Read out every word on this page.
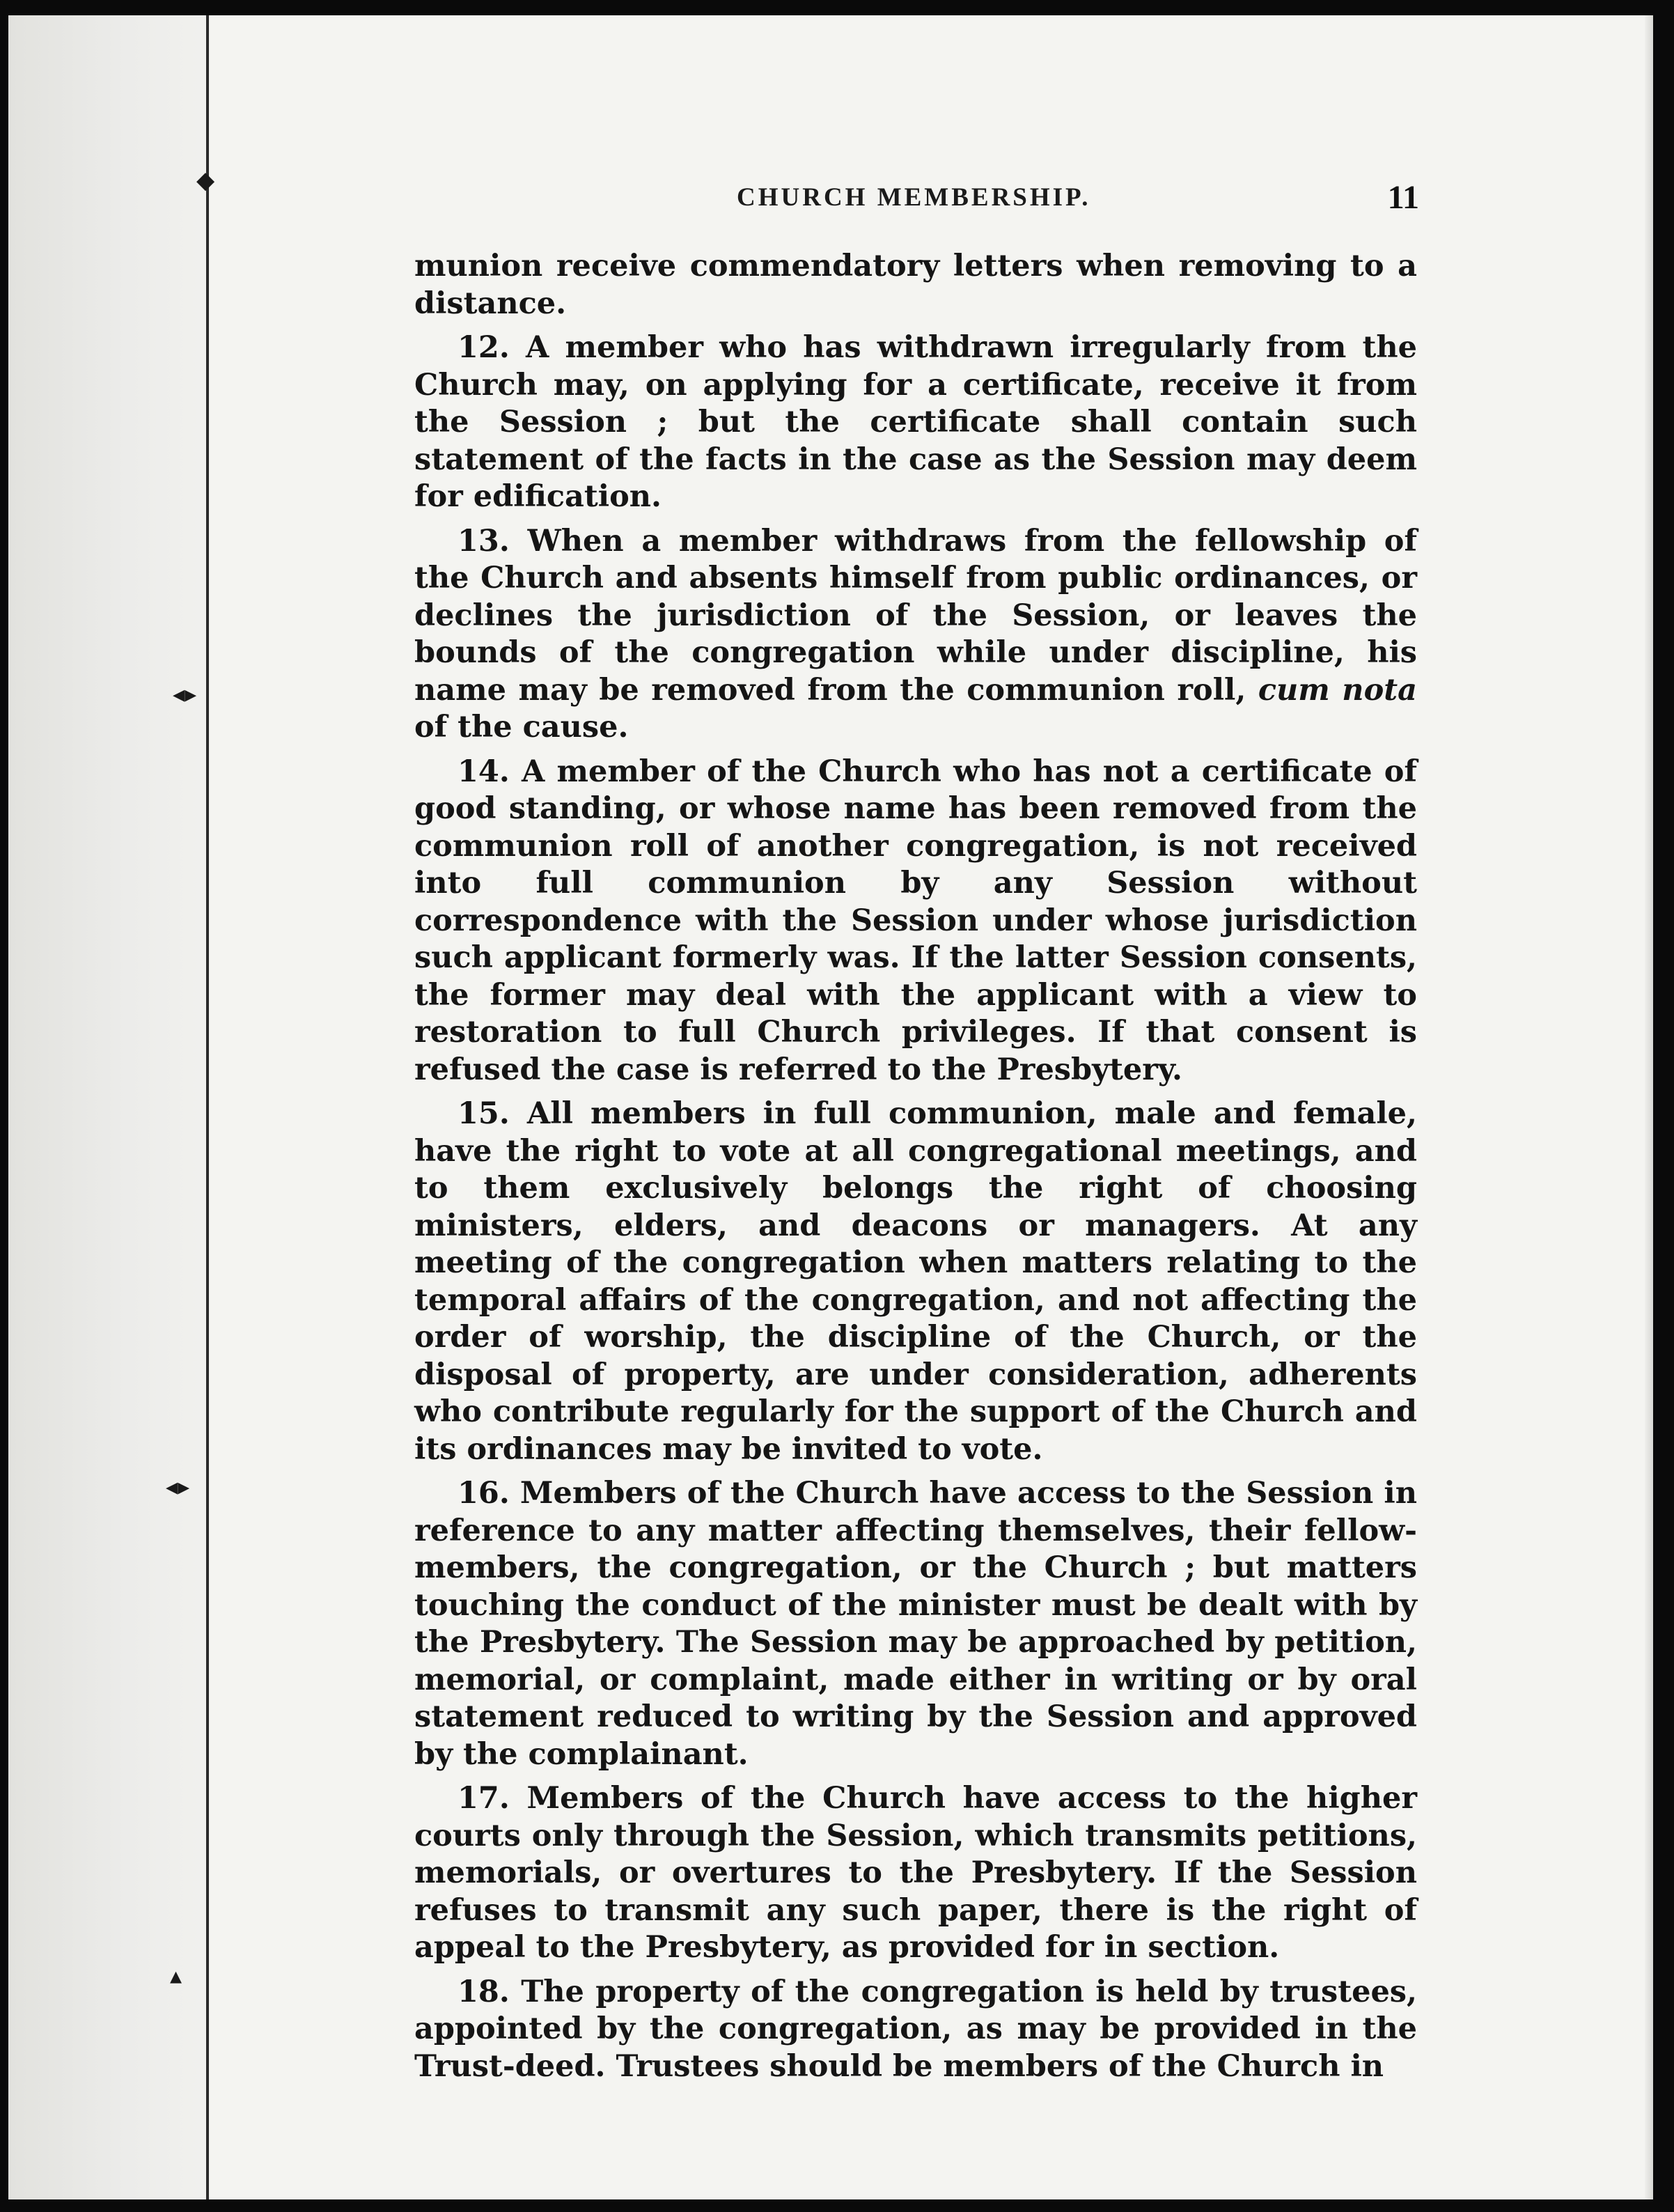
◆
◂▸
◂▸
▴
CHURCH MEMBERSHIP.	11

munion receive commendatory letters when removing to a distance.

12. A member who has withdrawn irregularly from the Church may, on applying for a certificate, receive it from the Session ; but the certificate shall contain such statement of the facts in the case as the Session may deem for edification.

13. When a member withdraws from the fellowship of the Church and absents himself from public ordinances, or declines the jurisdiction of the Session, or leaves the bounds of the congregation while under discipline, his name may be removed from the communion roll, cum nota of the cause.

14. A member of the Church who has not a certificate of good standing, or whose name has been removed from the communion roll of another congregation, is not received into full communion by any Session without correspondence with the Session under whose jurisdiction such applicant formerly was. If the latter Session consents, the former may deal with the applicant with a view to restoration to full Church privileges. If that consent is refused the case is referred to the Presbytery.

15. All members in full communion, male and female, have the right to vote at all congregational meetings, and to them exclusively belongs the right of choosing ministers, elders, and deacons or managers. At any meeting of the congregation when matters relating to the temporal affairs of the congregation, and not affecting the order of worship, the discipline of the Church, or the disposal of property, are under consideration, adherents who contribute regularly for the support of the Church and its ordinances may be invited to vote.

16. Members of the Church have access to the Session in reference to any matter affecting themselves, their fellow-members, the congregation, or the Church ; but matters touching the conduct of the minister must be dealt with by the Presbytery. The Session may be approached by petition, memorial, or complaint, made either in writing or by oral statement reduced to writing by the Session and approved by the complainant.

17. Members of the Church have access to the higher courts only through the Session, which transmits petitions, memorials, or overtures to the Presbytery. If the Session refuses to transmit any such paper, there is the right of appeal to the Presbytery, as provided for in section.

18. The property of the congregation is held by trustees, appointed by the congregation, as may be provided in the Trust-deed. Trustees should be members of the Church in
